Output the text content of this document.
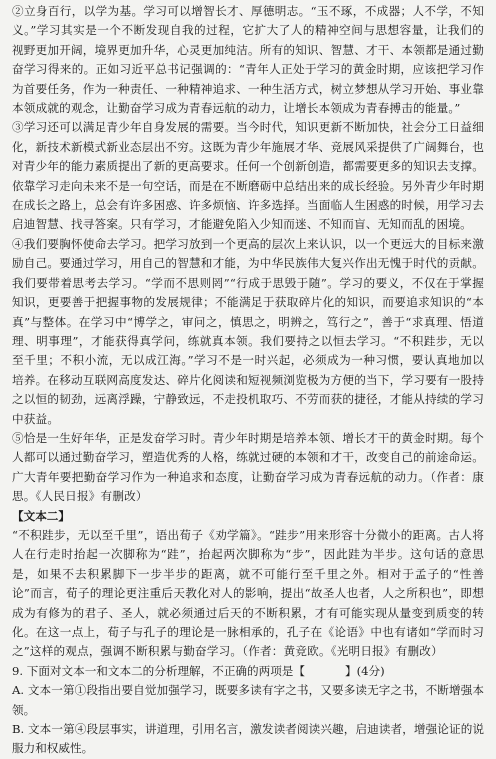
②立身百行，以学为基。学习可以增智长才、厚德明志。“玉不琢，不成器；人不学，不知义。”学习其实是一个不断发现自我的过程，它扩大了人的精神空间与思想容量，让我们的视野更加开阔，境界更加升华，心灵更加纯洁。所有的知识、智慧、才干、本领都是通过勤奋学习得来的。正如习近平总书记强调的：“青年人正处于学习的黄金时期，应该把学习作为首要任务，作为一种责任、一种精神追求、一种生活方式，树立梦想从学习开始、事业靠本领成就的观念，让勤奋学习成为青春远航的动力，让增长本领成为青春搏击的能量。”

③学习还可以满足青少年自身发展的需要。当今时代，知识更新不断加快，社会分工日益细化，新技术新模式新业态层出不穷。这既为青少年施展才华、竞展风采提供了广阔舞台，也对青少年的能力素质提出了新的更高要求。任何一个创新创造，都需要更多的知识去支撑。依靠学习走向未来不是一句空话，而是在不断磨砺中总结出来的成长经验。另外青少年时期在成长之路上，总会有许多困惑、许多烦恼、许多选择。当面临人生困惑的时候，用学习去启迪智慧、找寻答案。只有学习，才能避免陷入少知而迷、不知而盲、无知而乱的困境。

④我们要胸怀使命去学习。把学习放到一个更高的层次上来认识，以一个更远大的目标来激励自己。要通过学习，用自己的智慧和才能，为中华民族伟大复兴作出无愧于时代的贡献。我们要带着思考去学习。“学而不思则罔”“行成于思毁于随”。学习的要义，不仅在于掌握知识，更要善于把握事物的发展规律；不能满足于获取碎片化的知识，而要追求知识的“本真”与整体。在学习中“博学之，审问之，慎思之，明辨之，笃行之”，善于“求真理、悟道理、明事理”，才能获得真学问，练就真本领。我们要持之以恒去学习。“不积跬步，无以至千里；不积小流，无以成江海。”学习不是一时兴起，必须成为一种习惯，要认真地加以培养。在移动互联网高度发达、碎片化阅读和短视频浏览极为方便的当下，学习要有一股持之以恒的韧劲，远离浮躁，宁静致远，不走投机取巧、不劳而获的捷径，才能从持续的学习中获益。

⑤恰是一生好年华，正是发奋学习时。青少年时期是培养本领、增长才干的黄金时期。每个人都可以通过勤奋学习，塑造优秀的人格，练就过硬的本领和才干，改变自己的前途命运。广大青年要把勤奋学习作为一种追求和态度，让勤奋学习成为青春远航的动力。（作者：康思。《人民日报》有删改）

【文本二】

“不积跬步，无以至千里”，语出荀子《劝学篇》。“跬步”用来形容十分微小的距离。古人将人在行走时抬起一次脚称为“跬”，抬起两次脚称为“步”，因此跬为半步。这句话的意思是，如果不去积累脚下一步半步的距离，就不可能行至千里之外。相对于孟子的“性善论”而言，荀子的理论更注重后天教化对人的影响，提出“故圣人也者，人之所积也”，即想成为有修为的君子、圣人，就必须通过后天的不断积累，才有可能实现从量变到质变的转化。在这一点上，荀子与孔子的理论是一脉相承的，孔子在《论语》中也有诸如“学而时习之”这样的观点，强调不断积累与勤奋学习。（作者：黄竞欧。《光明日报》有删改）

9. 下面对文本一和文本二的分析理解，不正确的两项是【	】(4分)

A. 文本一第①段指出要自觉加强学习，既要多读有字之书，又要多读无字之书，不断增强本领。

B. 文本一第④段层事实，讲道理，引用名言，激发读者阅读兴趣，启迪读者，增强论证的说服力和权威性。
